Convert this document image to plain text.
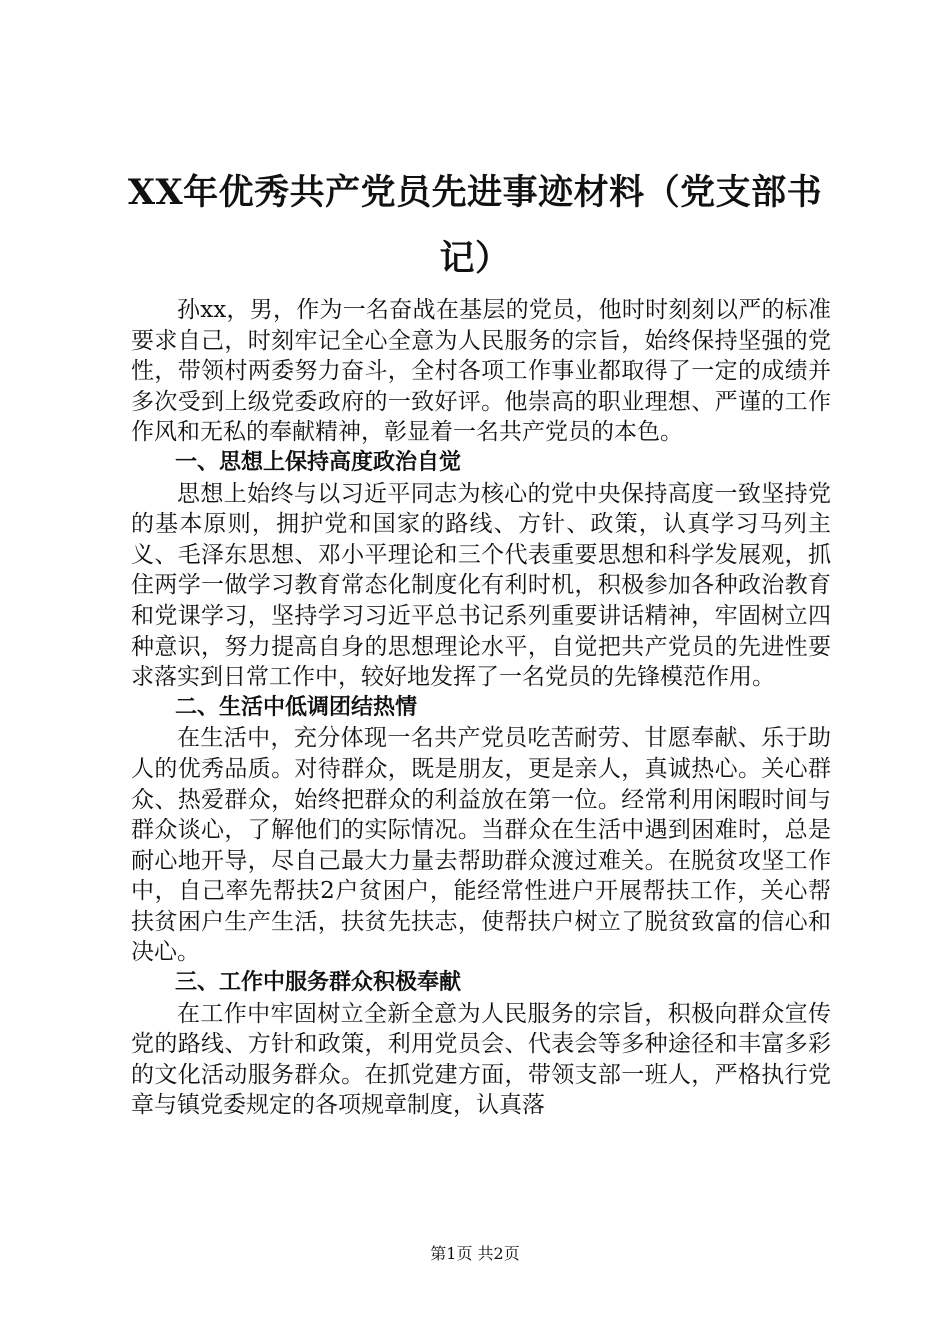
XX年优秀共产党员先进事迹材料（党支部书记）

孙xx，男，作为一名奋战在基层的党员，他时时刻刻以严的标准要求自己，时刻牢记全心全意为人民服务的宗旨，始终保持坚强的党性，带领村两委努力奋斗，全村各项工作事业都取得了一定的成绩并多次受到上级党委政府的一致好评。他崇高的职业理想、严谨的工作作风和无私的奉献精神，彰显着一名共产党员的本色。

一、思想上保持高度政治自觉

思想上始终与以习近平同志为核心的党中央保持高度一致坚持党的基本原则，拥护党和国家的路线、方针、政策，认真学习马列主义、毛泽东思想、邓小平理论和三个代表重要思想和科学发展观，抓住两学一做学习教育常态化制度化有利时机，积极参加各种政治教育和党课学习，坚持学习习近平总书记系列重要讲话精神，牢固树立四种意识，努力提高自身的思想理论水平，自觉把共产党员的先进性要求落实到日常工作中，较好地发挥了一名党员的先锋模范作用。

二、生活中低调团结热情

在生活中，充分体现一名共产党员吃苦耐劳、甘愿奉献、乐于助人的优秀品质。对待群众，既是朋友，更是亲人，真诚热心。关心群众、热爱群众，始终把群众的利益放在第一位。经常利用闲暇时间与群众谈心，了解他们的实际情况。当群众在生活中遇到困难时，总是耐心地开导，尽自己最大力量去帮助群众渡过难关。在脱贫攻坚工作中，自己率先帮扶2户贫困户，能经常性进户开展帮扶工作，关心帮扶贫困户生产生活，扶贫先扶志，使帮扶户树立了脱贫致富的信心和决心。

三、工作中服务群众积极奉献

在工作中牢固树立全新全意为人民服务的宗旨，积极向群众宣传党的路线、方针和政策，利用党员会、代表会等多种途径和丰富多彩的文化活动服务群众。在抓党建方面，带领支部一班人，严格执行党章与镇党委规定的各项规章制度，认真落

第1页 共2页
